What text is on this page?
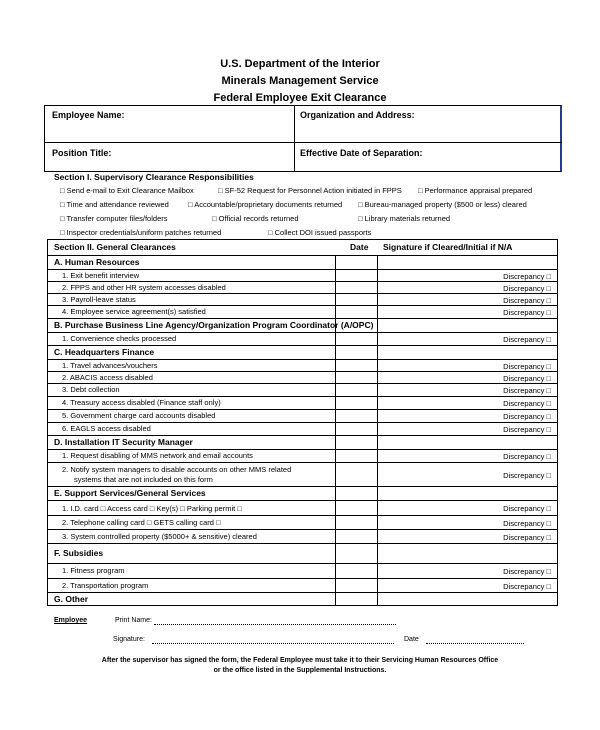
U.S. Department of the Interior
Minerals Management Service
Federal Employee Exit Clearance
Employee Name:	Organization and Address:
Position Title:	Effective Date of Separation:
Section I. Supervisory Clearance Responsibilities
□ Send e-mail to Exit Clearance Mailbox	□ SF-52 Request for Personnel Action initiated in FPPS □ Performance appraisal prepared
□ Time and attendance reviewed	□ Accountable/proprietary documents returned □ Bureau-managed property ($500 or less) cleared
□ Transfer computer files/folders	□ Official records returned	□ Library materials returned
□ Inspector credentials/uniform patches returned	□ Collect DOI issued passports
Section II. General Clearances	Date Signature if Cleared/Initial if N/A
A. Human Resources
1. Exit benefit interview	Discrepancy □
2. FPPS and other HR system accesses disabled	Discrepancy □
3. Payroll-leave status	Discrepancy □
4. Employee service agreement(s) satisfied	Discrepancy □
B. Purchase Business Line Agency/Organization Program Coordinator (A/OPC)
1. Convenience checks processed	Discrepancy □
C. Headquarters Finance
1. Travel advances/vouchers	Discrepancy □
2. ABACIS access disabled	Discrepancy □
3. Debt collection	Discrepancy □
4. Treasury access disabled (Finance staff only)	Discrepancy □
5. Government charge card accounts disabled	Discrepancy □
6. EAGLS access disabled	Discrepancy □
D. Installation IT Security Manager
1. Request disabling of MMS network and email accounts	Discrepancy □
2. Notify system managers to disable accounts on other MMS related
systems that are not included on this form	Discrepancy □
E. Support Services/General Services
1. I.D. card □ Access card □ Key(s) □ Parking permit □	Discrepancy □
2. Telephone calling card □ GETS calling card □	Discrepancy □
3. System controlled property ($5000+ & sensitive) cleared	Discrepancy □
F. Subsidies
1. Fitness program	Discrepancy □
2. Transportation program	Discrepancy □
G. Other
Employee	Print Name:
Signature:	Date
After the supervisor has signed the form, the Federal Employee must take it to their Servicing Human Resources Office
or the office listed in the Supplemental Instructions.
